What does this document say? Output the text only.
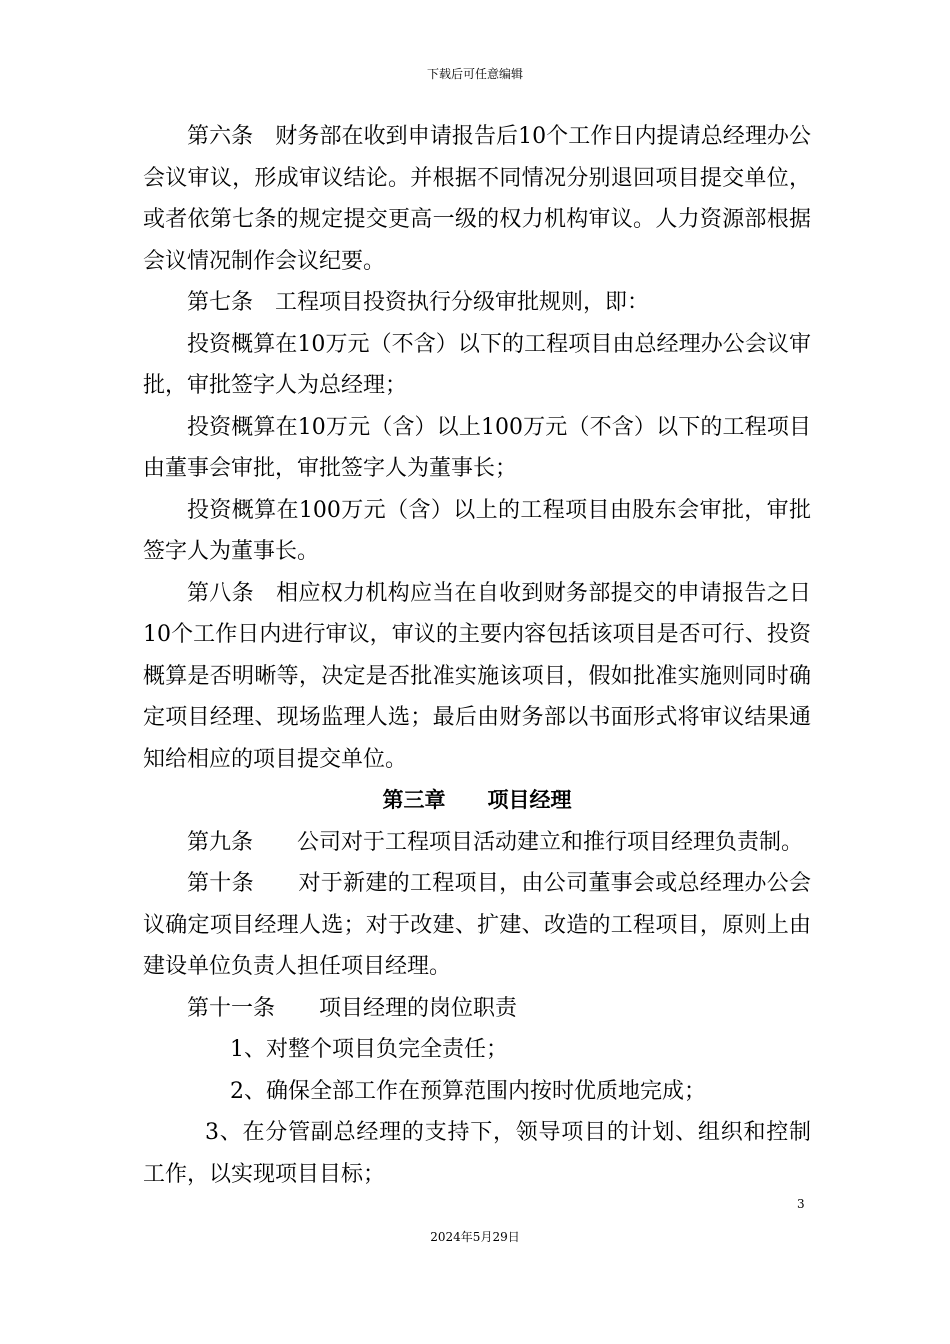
下载后可任意编辑

第六条　财务部在收到申请报告后10个工作日内提请总经理办公会议审议，形成审议结论。并根据不同情况分别退回项目提交单位，或者依第七条的规定提交更高一级的权力机构审议。人力资源部根据会议情况制作会议纪要。

第七条　工程项目投资执行分级审批规则，即：

投资概算在10万元（不含）以下的工程项目由总经理办公会议审批，审批签字人为总经理；

投资概算在10万元（含）以上100万元（不含）以下的工程项目由董事会审批，审批签字人为董事长；

投资概算在100万元（含）以上的工程项目由股东会审批，审批签字人为董事长。

第八条　相应权力机构应当在自收到财务部提交的申请报告之日10个工作日内进行审议，审议的主要内容包括该项目是否可行、投资概算是否明晰等，决定是否批准实施该项目，假如批准实施则同时确定项目经理、现场监理人选；最后由财务部以书面形式将审议结果通知给相应的项目提交单位。

第三章　　项目经理

第九条　　公司对于工程项目活动建立和推行项目经理负责制。

第十条　　对于新建的工程项目，由公司董事会或总经理办公会议确定项目经理人选；对于改建、扩建、改造的工程项目，原则上由建设单位负责人担任项目经理。

第十一条　　项目经理的岗位职责

1、对整个项目负完全责任；

2、确保全部工作在预算范围内按时优质地完成；

3、在分管副总经理的支持下，领导项目的计划、组织和控制工作，以实现项目目标；

3
2024年5月29日
